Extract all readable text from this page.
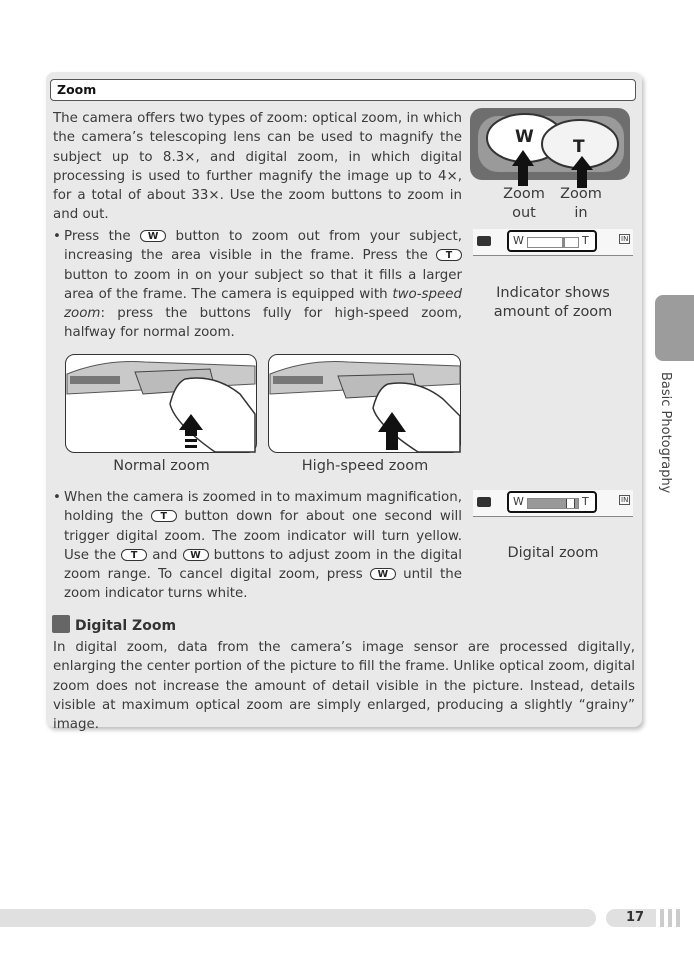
Zoom

The camera offers two types of zoom: optical zoom, in which the camera’s telescoping lens can be used to magnify the subject up to 8.3×, and digital zoom, in which digital processing is used to further magnify the image up to 4×, for a total of about 33×. Use the zoom buttons to zoom in and out.

• Press the W button to zoom out from your subject, increasing the area visible in the frame. Press the T button to zoom in on your subject so that it fills a larger area of the frame. The camera is equipped with two-speed zoom: press the buttons fully for high-speed zoom, halfway for normal zoom.

W T
Zoom out
Zoom in
W	T	IN
Indicator shows amount of zoom
Normal zoom	High-speed zoom
• When the camera is zoomed in to maximum magnification, holding the T button down for about one second will trigger digital zoom. The zoom indicator will turn yellow. Use the T and W buttons to adjust zoom in the digital zoom range. To cancel digital zoom, press W until the zoom indicator turns white.

W	T	IN
Digital zoom
Digital Zoom

In digital zoom, data from the camera’s image sensor are processed digitally, enlarging the center portion of the picture to fill the frame. Unlike optical zoom, digital zoom does not increase the amount of detail visible in the picture. Instead, details visible at maximum optical zoom are simply enlarged, producing a slightly “grainy” image.

Basic Photography
17
